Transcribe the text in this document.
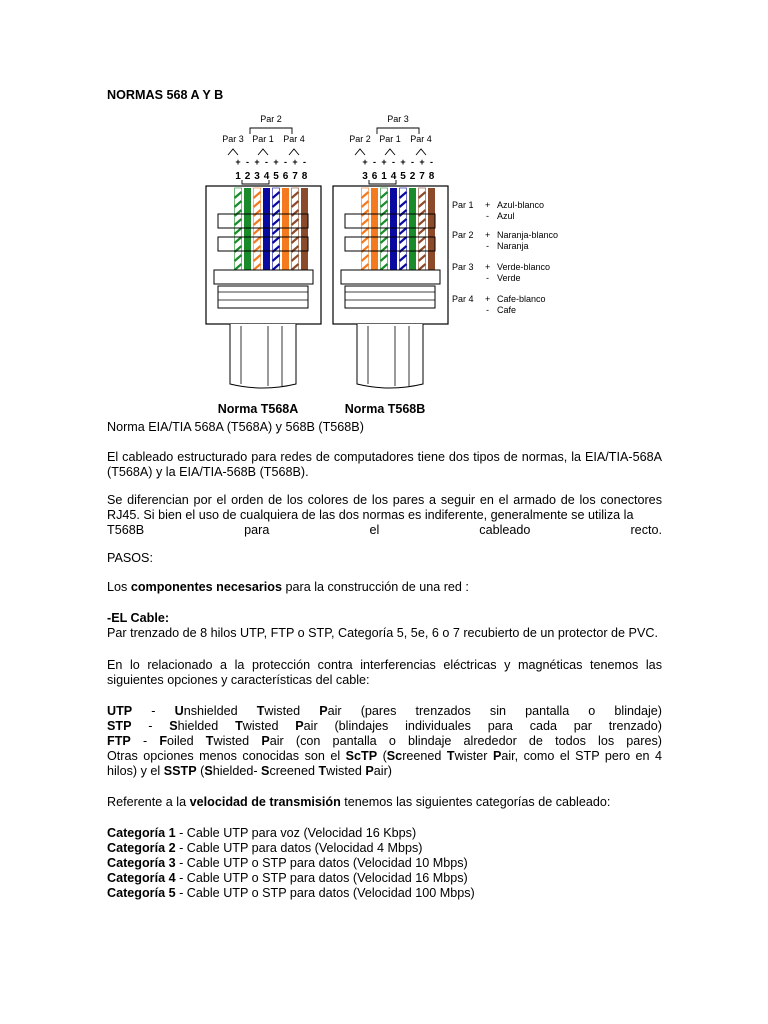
NORMAS 568 A Y B
Par 2
Par 3 Par 1 Par 4
+ - + - + - + -
1 2 3 4 5 6 7 8
Norma T568A
Par 3
Par 2 Par 1 Par 4
+ - + - + - + -
3 6 1 4 5 2 7 8
Norma T568B
Par 1 + Azul-blanco
- Azul
Par 2 + Naranja-blanco
- Naranja
Par 3 + Verde-blanco
- Verde
Par 4 + Cafe-blanco
- Cafe
Norma EIA/TIA 568A (T568A) y 568B (T568B)
El cableado estructurado para redes de computadores tiene dos tipos de normas, la EIA/TIA-568A (T568A) y la EIA/TIA-568B (T568B).
Se diferencian por el orden de los colores de los pares a seguir en el armado de los conectores RJ45. Si bien el uso de cualquiera de las dos normas es indiferente, generalmente se utiliza la
T568B para el cableado recto.
PASOS:
Los componentes necesarios para la construcción de una red :
-EL Cable:
Par trenzado de 8 hilos UTP, FTP o STP, Categoría 5, 5e, 6 o 7 recubierto de un protector de PVC.
En lo relacionado a la protección contra interferencias eléctricas y magnéticas tenemos las siguientes opciones y características del cable:
UTP - Unshielded Twisted Pair (pares trenzados sin pantalla o blindaje)
STP - Shielded Twisted Pair (blindajes individuales para cada par trenzado)
FTP - Foiled Twisted Pair (con pantalla o blindaje alrededor de todos los pares)
Otras opciones menos conocidas son el ScTP (Screened Twister Pair, como el STP pero en 4 hilos) y el SSTP (Shielded- Screened Twisted Pair)
Referente a la velocidad de transmisión tenemos las siguientes categorías de cableado:
Categoría 1 - Cable UTP para voz (Velocidad 16 Kbps)
Categoría 2 - Cable UTP para datos (Velocidad 4 Mbps)
Categoría 3 - Cable UTP o STP para datos (Velocidad 10 Mbps)
Categoría 4 - Cable UTP o STP para datos (Velocidad 16 Mbps)
Categoría 5 - Cable UTP o STP para datos (Velocidad 100 Mbps)
